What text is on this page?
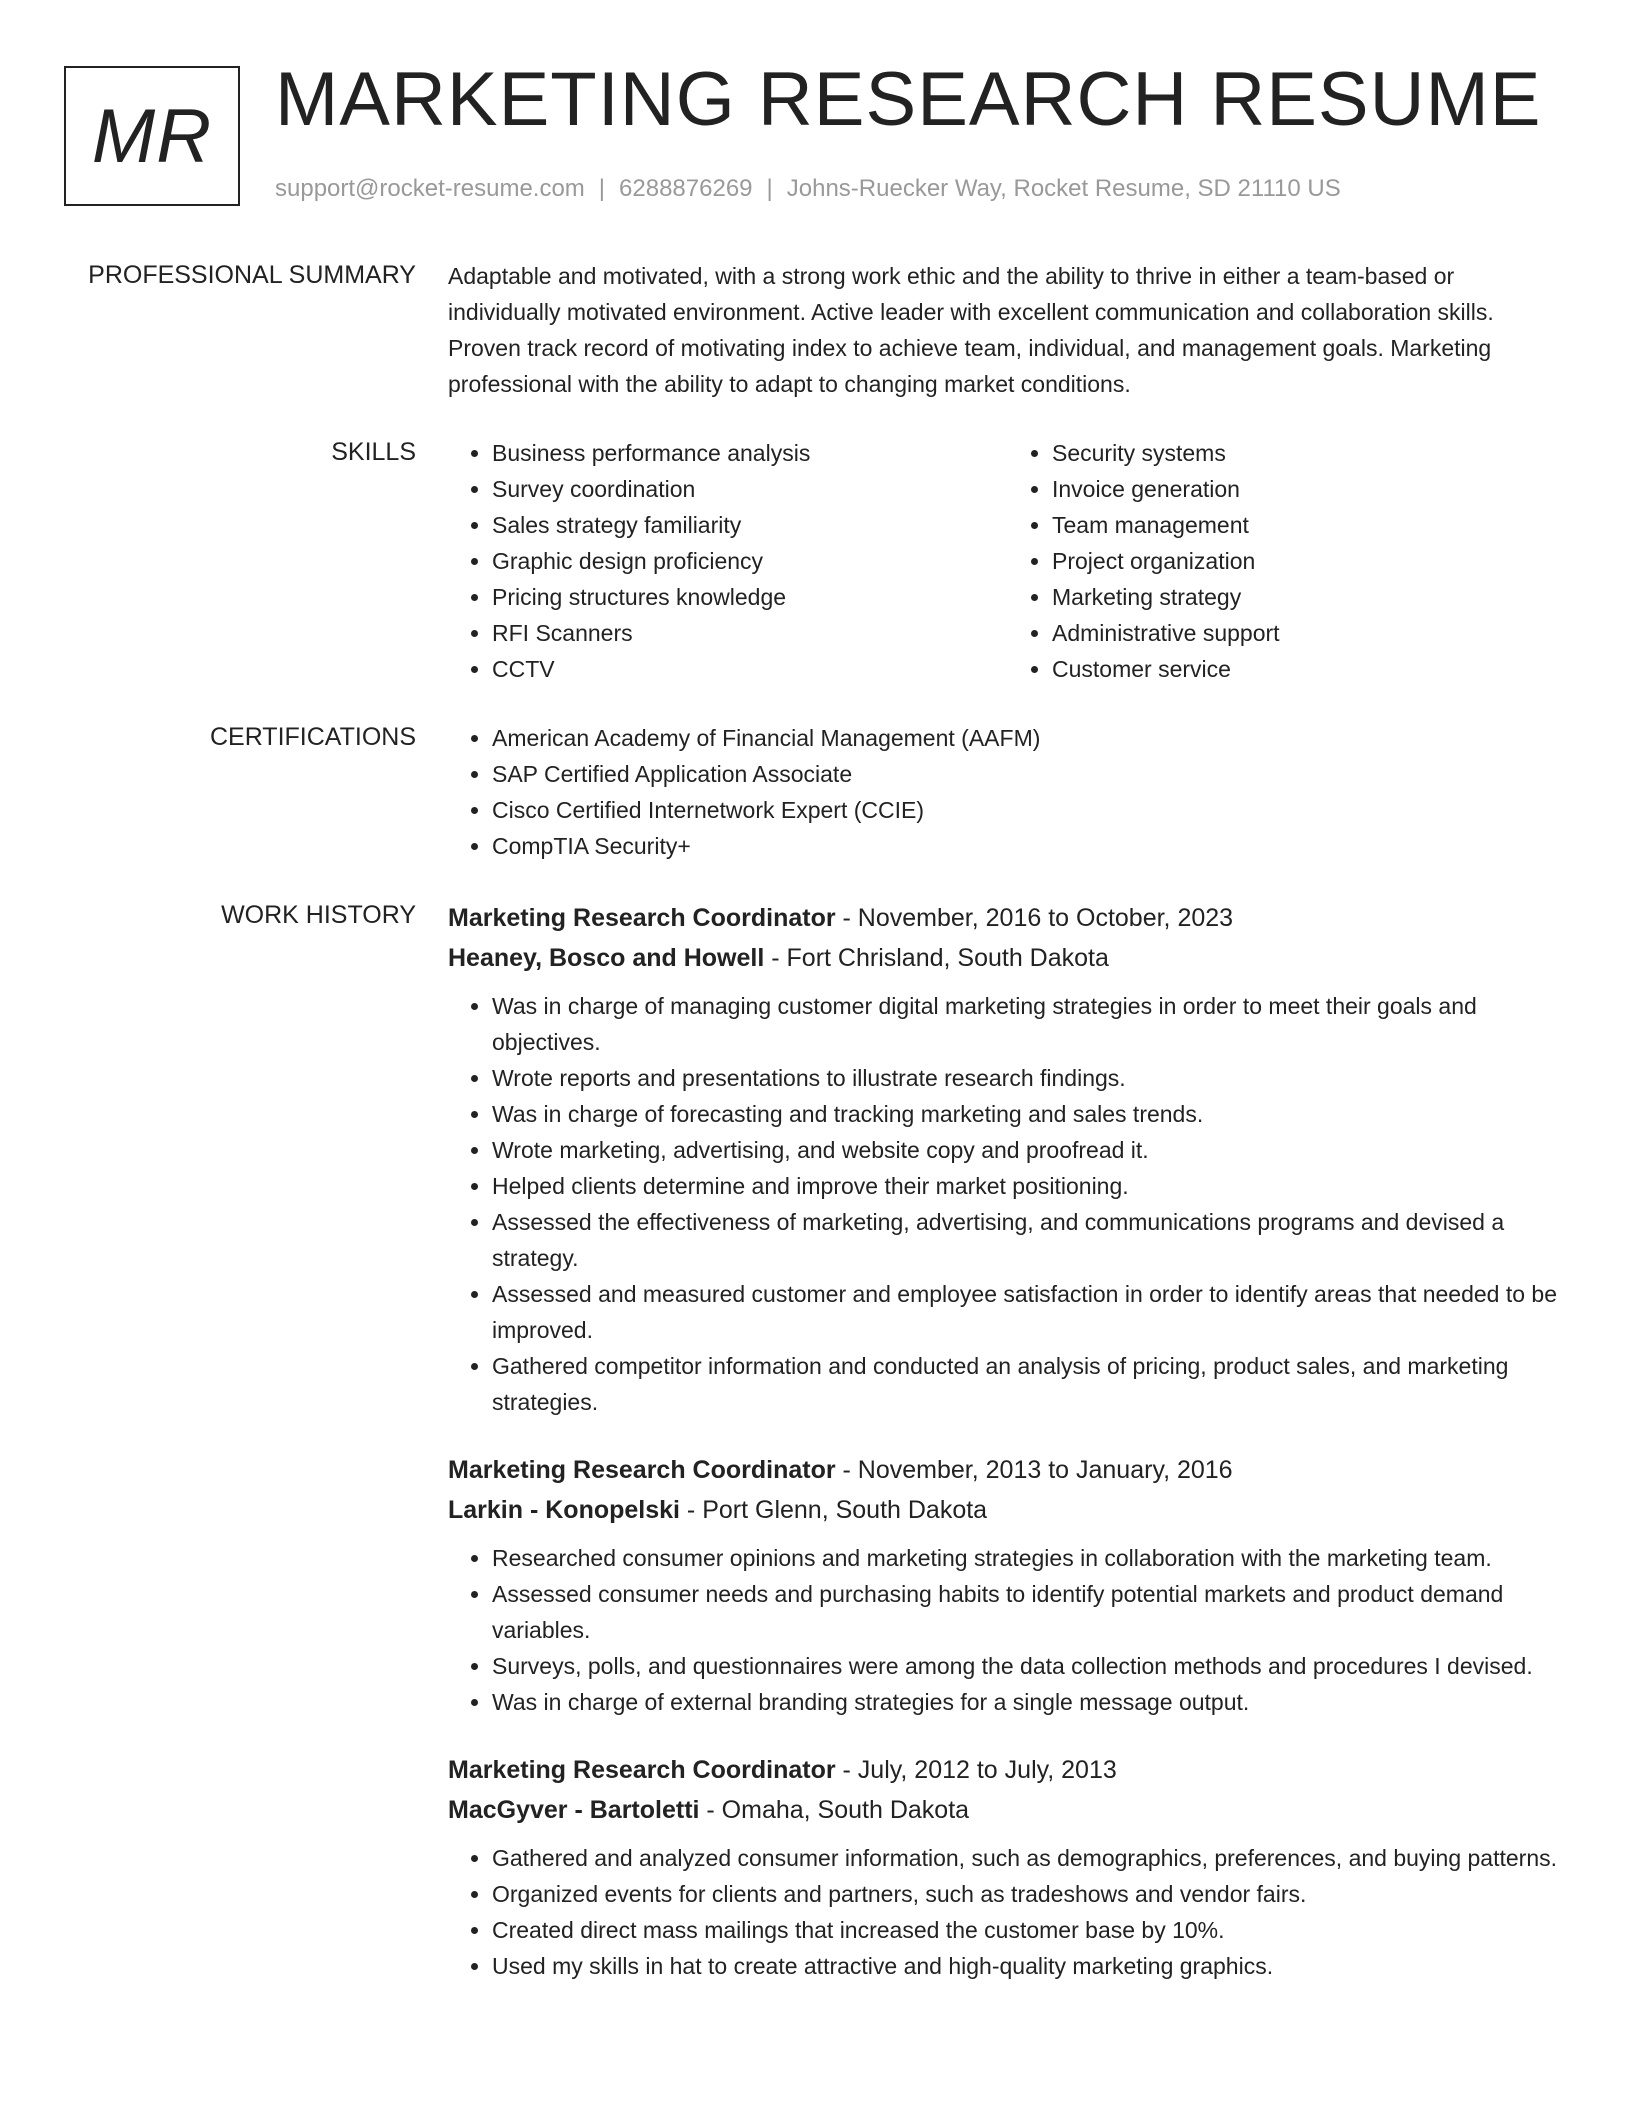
MR MARKETING RESEARCH RESUME
support@rocket-resume.com | 6288876269 | Johns-Ruecker Way, Rocket Resume, SD 21110 US
PROFESSIONAL SUMMARY Adaptable and motivated, with a strong work ethic and the ability to thrive in either a team-based or individually motivated environment. Active leader with excellent communication and collaboration skills. Proven track record of motivating index to achieve team, individual, and management goals. Marketing professional with the ability to adapt to changing market conditions.

SKILLS	• Business performance analysis
• Survey coordination
• Sales strategy familiarity
• Graphic design proficiency
• Pricing structures knowledge
• RFI Scanners
• CCTV
• Security systems
• Invoice generation
• Team management
• Project organization
• Marketing strategy
• Administrative support
• Customer service
CERTIFICATIONS	• American Academy of Financial Management (AAFM)
• SAP Certified Application Associate
• Cisco Certified Internetwork Expert (CCIE)
• CompTIA Security+
WORK HISTORY Marketing Research Coordinator - November, 2016 to October, 2023
Heaney, Bosco and Howell - Fort Chrisland, South Dakota
• Was in charge of managing customer digital marketing strategies in order to meet their goals and objectives.
• Wrote reports and presentations to illustrate research findings.
• Was in charge of forecasting and tracking marketing and sales trends.
• Wrote marketing, advertising, and website copy and proofread it.
• Helped clients determine and improve their market positioning.
• Assessed the effectiveness of marketing, advertising, and communications programs and devised a strategy.
• Assessed and measured customer and employee satisfaction in order to identify areas that needed to be improved.
• Gathered competitor information and conducted an analysis of pricing, product sales, and marketing strategies.
Marketing Research Coordinator - November, 2013 to January, 2016
Larkin - Konopelski - Port Glenn, South Dakota
• Researched consumer opinions and marketing strategies in collaboration with the marketing team.
• Assessed consumer needs and purchasing habits to identify potential markets and product demand variables.
• Surveys, polls, and questionnaires were among the data collection methods and procedures I devised.
• Was in charge of external branding strategies for a single message output.
Marketing Research Coordinator - July, 2012 to July, 2013
MacGyver - Bartoletti - Omaha, South Dakota
• Gathered and analyzed consumer information, such as demographics, preferences, and buying patterns.
• Organized events for clients and partners, such as tradeshows and vendor fairs.
• Created direct mass mailings that increased the customer base by 10%.
• Used my skills in hat to create attractive and high-quality marketing graphics.
